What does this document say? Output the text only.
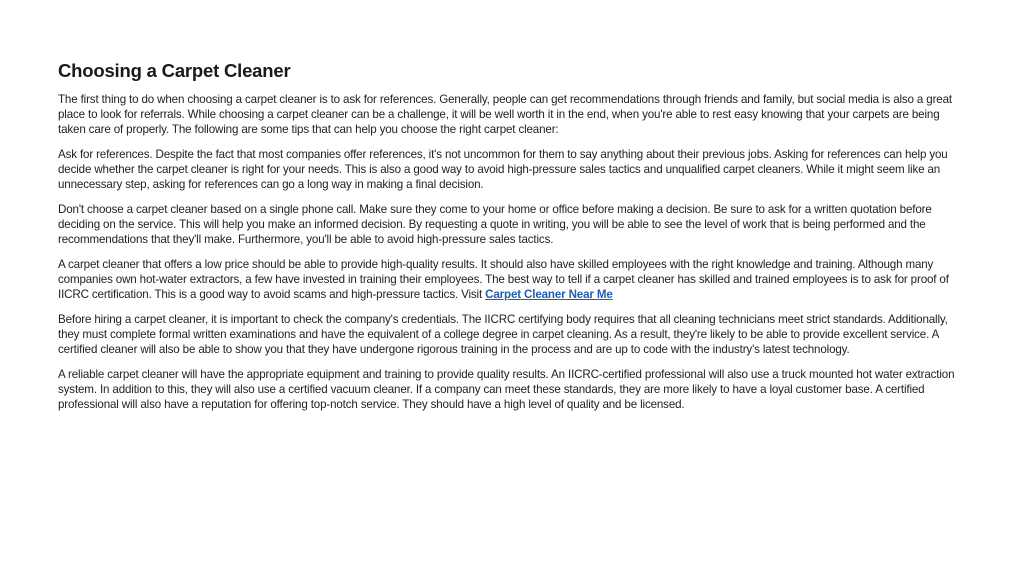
Choosing a Carpet Cleaner

The first thing to do when choosing a carpet cleaner is to ask for references. Generally, people can get recommendations through friends and family, but social media is also a great place to look for referrals. While choosing a carpet cleaner can be a challenge, it will be well worth it in the end, when you're able to rest easy knowing that your carpets are being taken care of properly. The following are some tips that can help you choose the right carpet cleaner:

Ask for references. Despite the fact that most companies offer references, it's not uncommon for them to say anything about their previous jobs. Asking for references can help you decide whether the carpet cleaner is right for your needs. This is also a good way to avoid high-pressure sales tactics and unqualified carpet cleaners. While it might seem like an unnecessary step, asking for references can go a long way in making a final decision.

Don't choose a carpet cleaner based on a single phone call. Make sure they come to your home or office before making a decision. Be sure to ask for a written quotation before deciding on the service. This will help you make an informed decision. By requesting a quote in writing, you will be able to see the level of work that is being performed and the recommendations that they'll make. Furthermore, you'll be able to avoid high-pressure sales tactics.

A carpet cleaner that offers a low price should be able to provide high-quality results. It should also have skilled employees with the right knowledge and training. Although many companies own hot-water extractors, a few have invested in training their employees. The best way to tell if a carpet cleaner has skilled and trained employees is to ask for proof of IICRC certification. This is a good way to avoid scams and high-pressure tactics. Visit Carpet Cleaner Near Me

Before hiring a carpet cleaner, it is important to check the company's credentials. The IICRC certifying body requires that all cleaning technicians meet strict standards. Additionally, they must complete formal written examinations and have the equivalent of a college degree in carpet cleaning. As a result, they're likely to be able to provide excellent service. A certified cleaner will also be able to show you that they have undergone rigorous training in the process and are up to code with the industry's latest technology.

A reliable carpet cleaner will have the appropriate equipment and training to provide quality results. An IICRC-certified professional will also use a truck mounted hot water extraction system. In addition to this, they will also use a certified vacuum cleaner. If a company can meet these standards, they are more likely to have a loyal customer base. A certified professional will also have a reputation for offering top-notch service. They should have a high level of quality and be licensed.
